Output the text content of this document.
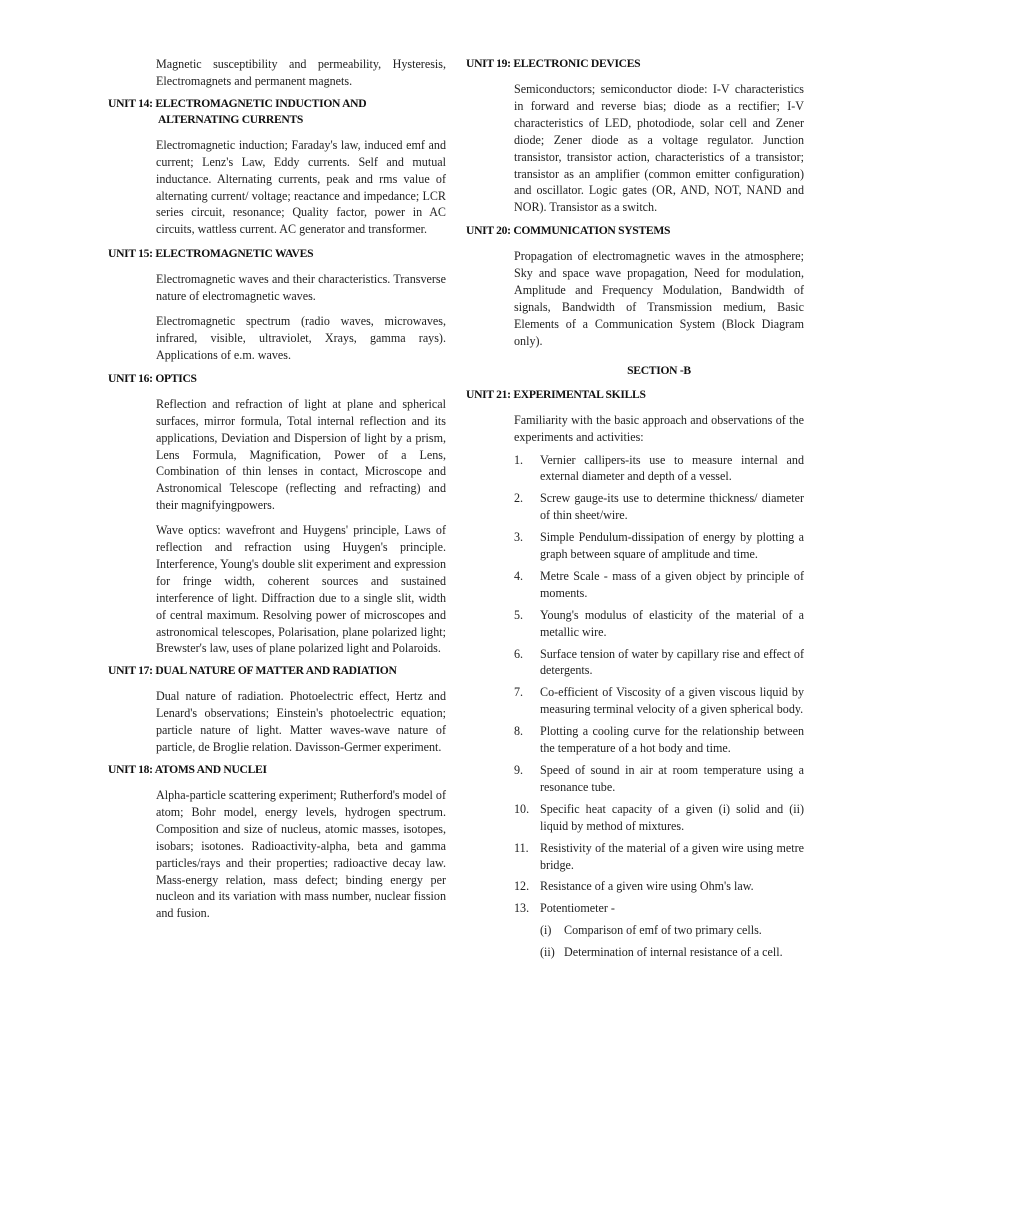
Magnetic susceptibility and permeability, Hysteresis, Electromagnets and permanent magnets.

UNIT 14: ELECTROMAGNETIC INDUCTION AND
ALTERNATING CURRENTS

Electromagnetic induction; Faraday's law, induced emf and current; Lenz's Law, Eddy currents. Self and mutual inductance. Alternating currents, peak and rms value of alternating current/ voltage; reactance and impedance; LCR series circuit, resonance; Quality factor, power in AC circuits, wattless current. AC generator and transformer.

UNIT 15: ELECTROMAGNETIC WAVES

Electromagnetic waves and their characteristics. Transverse nature of electromagnetic waves.

Electromagnetic spectrum (radio waves, microwaves, infrared, visible, ultraviolet, Xrays, gamma rays). Applications of e.m. waves.

UNIT 16: OPTICS

Reflection and refraction of light at plane and spherical surfaces, mirror formula, Total internal reflection and its applications, Deviation and Dispersion of light by a prism, Lens Formula, Magnification, Power of a Lens, Combination of thin lenses in contact, Microscope and Astronomical Telescope (reflecting and refracting) and their magnifyingpowers.

Wave optics: wavefront and Huygens' principle, Laws of reflection and refraction using Huygen's principle. Interference, Young's double slit experiment and expression for fringe width, coherent sources and sustained interference of light. Diffraction due to a single slit, width of central maximum. Resolving power of microscopes and astronomical telescopes, Polarisation, plane polarized light; Brewster's law, uses of plane polarized light and Polaroids.

UNIT 17: DUAL NATURE OF MATTER AND RADIATION

Dual nature of radiation. Photoelectric effect, Hertz and Lenard's observations; Einstein's photoelectric equation; particle nature of light. Matter waves-wave nature of particle, de Broglie relation. Davisson-Germer experiment.

UNIT 18: ATOMS AND NUCLEI

Alpha-particle scattering experiment; Rutherford's model of atom; Bohr model, energy levels, hydrogen spectrum. Composition and size of nucleus, atomic masses, isotopes, isobars; isotones. Radioactivity-alpha, beta and gamma particles/rays and their properties; radioactive decay law. Mass-energy relation, mass defect; binding energy per nucleon and its variation with mass number, nuclear fission and fusion.

UNIT 19: ELECTRONIC DEVICES

Semiconductors; semiconductor diode: I-V characteristics in forward and reverse bias; diode as a rectifier; I-V characteristics of LED, photodiode, solar cell and Zener diode; Zener diode as a voltage regulator. Junction transistor, transistor action, characteristics of a transistor; transistor as an amplifier (common emitter configuration) and oscillator. Logic gates (OR, AND, NOT, NAND and NOR). Transistor as a switch.

UNIT 20: COMMUNICATION SYSTEMS

Propagation of electromagnetic waves in the atmosphere; Sky and space wave propagation, Need for modulation, Amplitude and Frequency Modulation, Bandwidth of signals, Bandwidth of Transmission medium, Basic Elements of a Communication System (Block Diagram only).

SECTION -B
UNIT 21: EXPERIMENTAL SKILLS

Familiarity with the basic approach and observations of the experiments and activities:

1.	Vernier callipers-its use to measure internal and external diameter and depth of a vessel.
2.	Screw gauge-its use to determine thickness/ diameter of thin sheet/wire.
3.	Simple Pendulum-dissipation of energy by plotting a graph between square of amplitude and time.
4.	Metre Scale - mass of a given object by principle of moments.
5.	Young's modulus of elasticity of the material of a metallic wire.
6.	Surface tension of water by capillary rise and effect of detergents.
7.	Co-efficient of Viscosity of a given viscous liquid by measuring terminal velocity of a given spherical body.
8.	Plotting a cooling curve for the relationship between the temperature of a hot body and time.
9.	Speed of sound in air at room temperature using a resonance tube.
10. Specific heat capacity of a given (i) solid and (ii) liquid by method of mixtures.
11. Resistivity of the material of a given wire using metre bridge.
12. Resistance of a given wire using Ohm's law.
13. Potentiometer -
(i) Comparison of emf of two primary cells.
(ii) Determination of internal resistance of a cell.
